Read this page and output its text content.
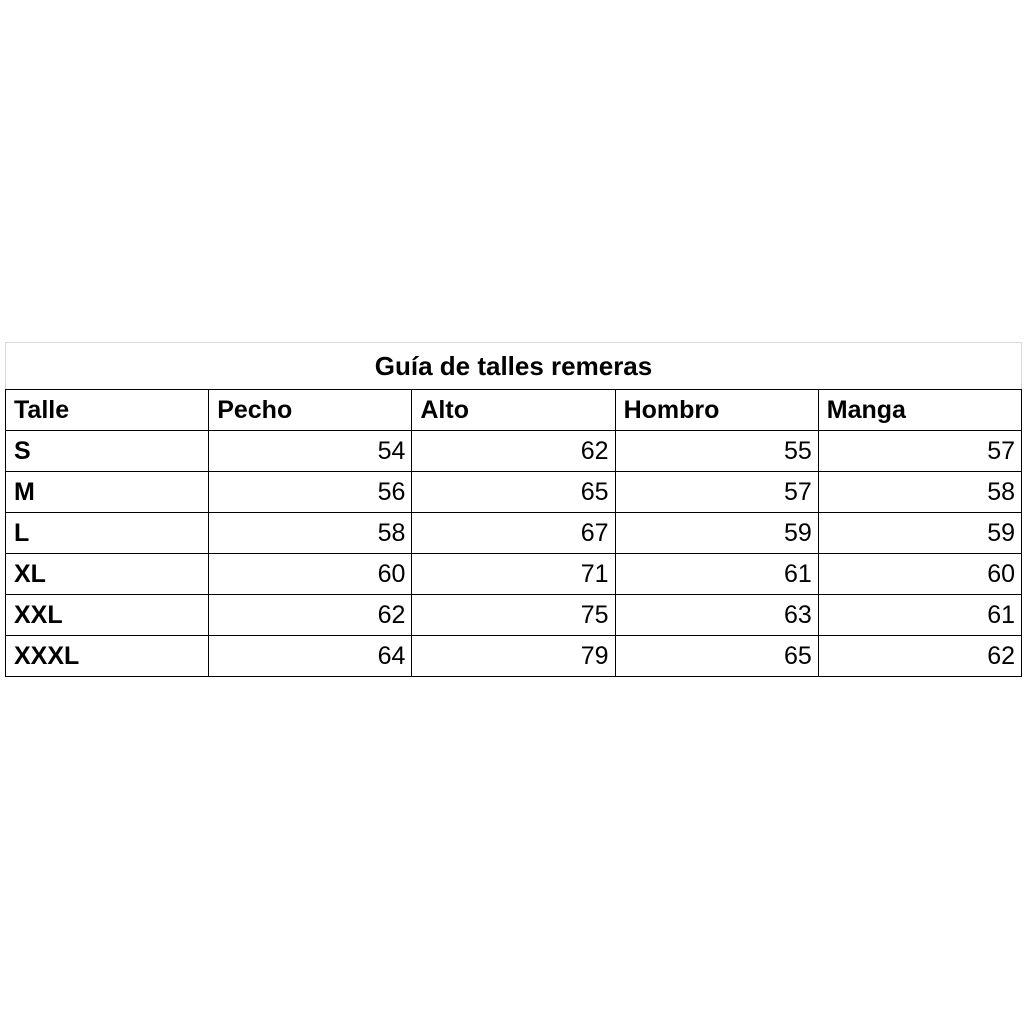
Guía de talles remeras				
Talle	Pecho	Alto	Hombro	Manga
S	54	62	55	57
M	56	65	57	58
L	58	67	59	59
XL	60	71	61	60
XXL	62	75	63	61
XXXL	64	79	65	62
